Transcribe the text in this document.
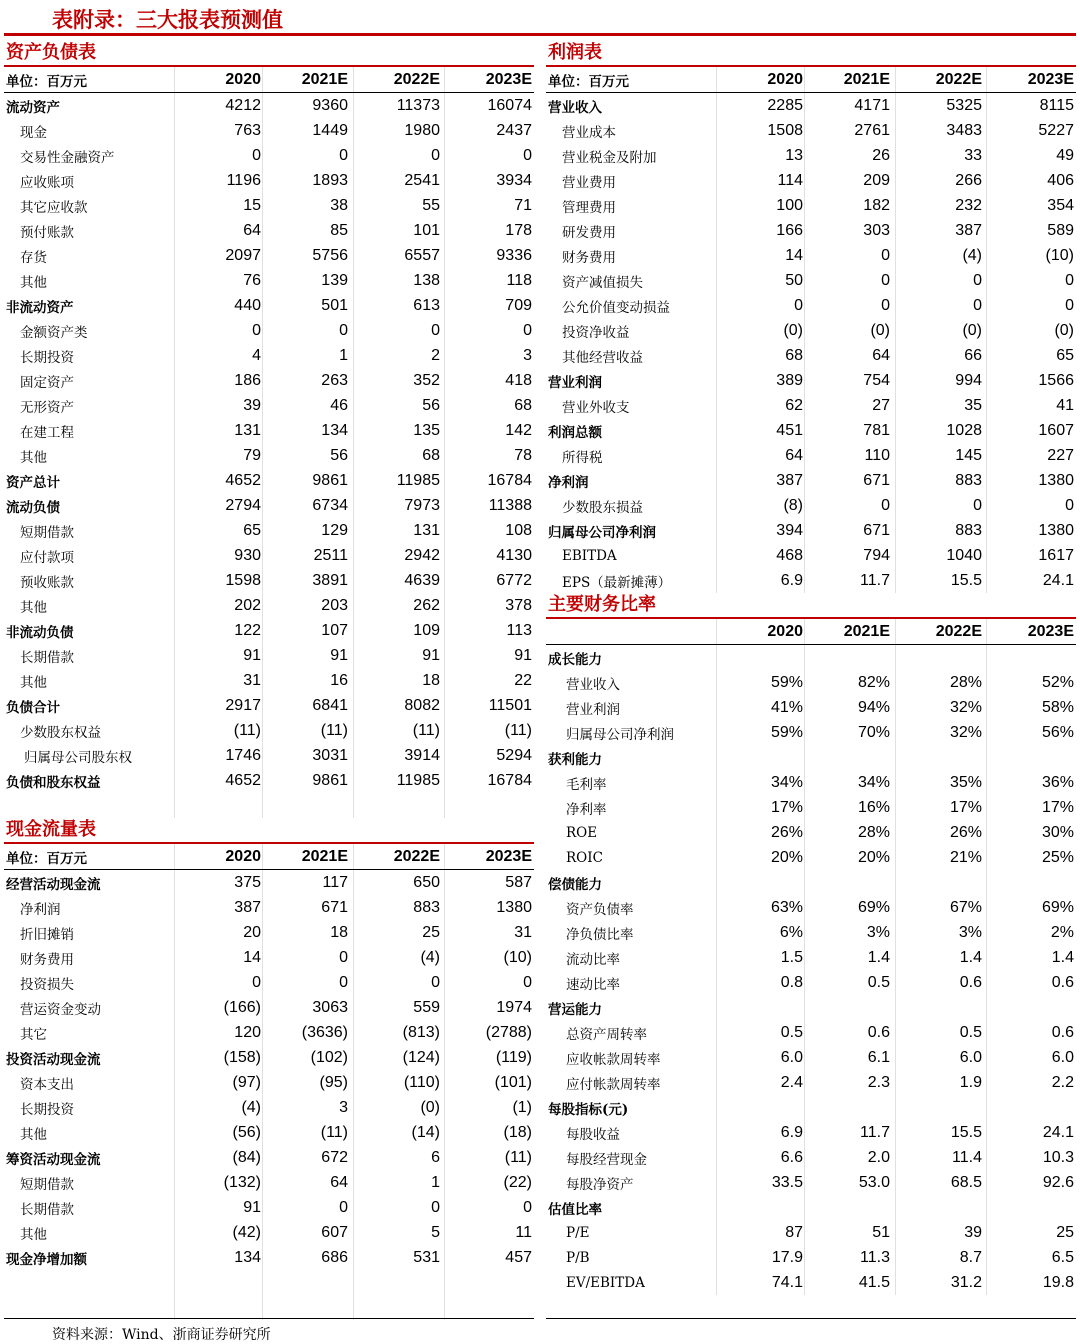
表附录：三大报表预测值
资产负债表
单位：百万元	2020	2021E	2022E	2023E
流动资产	4212	9360	11373	16074
现金	763	1449	1980	2437
交易性金融资产	0	0	0	0
应收账项	1196	1893	2541	3934
其它应收款	15	38	55	71
预付账款	64	85	101	178
存货	2097	5756	6557	9336
其他	76	139	138	118
非流动资产	440	501	613	709
金额资产类	0	0	0	0
长期投资	4	1	2	3
固定资产	186	263	352	418
无形资产	39	46	56	68
在建工程	131	134	135	142
其他	79	56	68	78
资产总计	4652	9861	11985	16784
流动负债	2794	6734	7973	11388
短期借款	65	129	131	108
应付款项	930	2511	2942	4130
预收账款	1598	3891	4639	6772
其他	202	203	262	378
非流动负债	122	107	109	113
长期借款	91	91	91	91
其他	31	16	18	22
负债合计	2917	6841	8082	11501
少数股东权益	(11)	(11)	(11)	(11)
归属母公司股东权	1746	3031	3914	5294
负债和股东权益	4652	9861	11985	16784
现金流量表
单位：百万元	2020	2021E	2022E	2023E
经营活动现金流	375	117	650	587
净利润	387	671	883	1380
折旧摊销	20	18	25	31
财务费用	14	0	(4)	(10)
投资损失	0	0	0	0
营运资金变动	(166)	3063	559	1974
其它	120	(3636)	(813)	(2788)
投资活动现金流	(158)	(102)	(124)	(119)
资本支出	(97)	(95)	(110)	(101)
长期投资	(4)	3	(0)	(1)
其他	(56)	(11)	(14)	(18)
筹资活动现金流	(84)	672	6	(11)
短期借款	(132)	64	1	(22)
长期借款	91	0	0	0
其他	(42)	607	5	11
现金净增加额	134	686	531	457
利润表
单位：百万元	2020	2021E	2022E	2023E
营业收入	2285	4171	5325	8115
营业成本	1508	2761	3483	5227
营业税金及附加	13	26	33	49
营业费用	114	209	266	406
管理费用	100	182	232	354
研发费用	166	303	387	589
财务费用	14	0	(4)	(10)
资产减值损失	50	0	0	0
公允价值变动损益	0	0	0	0
投资净收益	(0)	(0)	(0)	(0)
其他经营收益	68	64	66	65
营业利润	389	754	994	1566
营业外收支	62	27	35	41
利润总额	451	781	1028	1607
所得税	64	110	145	227
净利润	387	671	883	1380
少数股东损益	(8)	0	0	0
归属母公司净利润	394	671	883	1380
EBITDA	468	794	1040	1617
EPS（最新摊薄）	6.9	11.7	15.5	24.1
主要财务比率
2020	2021E	2022E	2023E
成长能力
营业收入	59%	82%	28%	52%
营业利润	41%	94%	32%	58%
归属母公司净利润	59%	70%	32%	56%
获利能力
毛利率	34%	34%	35%	36%
净利率	17%	16%	17%	17%
ROE	26%	28%	26%	30%
ROIC	20%	20%	21%	25%
偿债能力
资产负债率	63%	69%	67%	69%
净负债比率	6%	3%	3%	2%
流动比率	1.5	1.4	1.4	1.4
速动比率	0.8	0.5	0.6	0.6
营运能力
总资产周转率	0.5	0.6	0.5	0.6
应收帐款周转率	6.0	6.1	6.0	6.0
应付帐款周转率	2.4	2.3	1.9	2.2
每股指标(元)
每股收益	6.9	11.7	15.5	24.1
每股经营现金	6.6	2.0	11.4	10.3
每股净资产	33.5	53.0	68.5	92.6
估值比率
P/E	87	51	39	25
P/B	17.9	11.3	8.7	6.5
EV/EBITDA	74.1	41.5	31.2	19.8
资料来源：Wind、浙商证券研究所
